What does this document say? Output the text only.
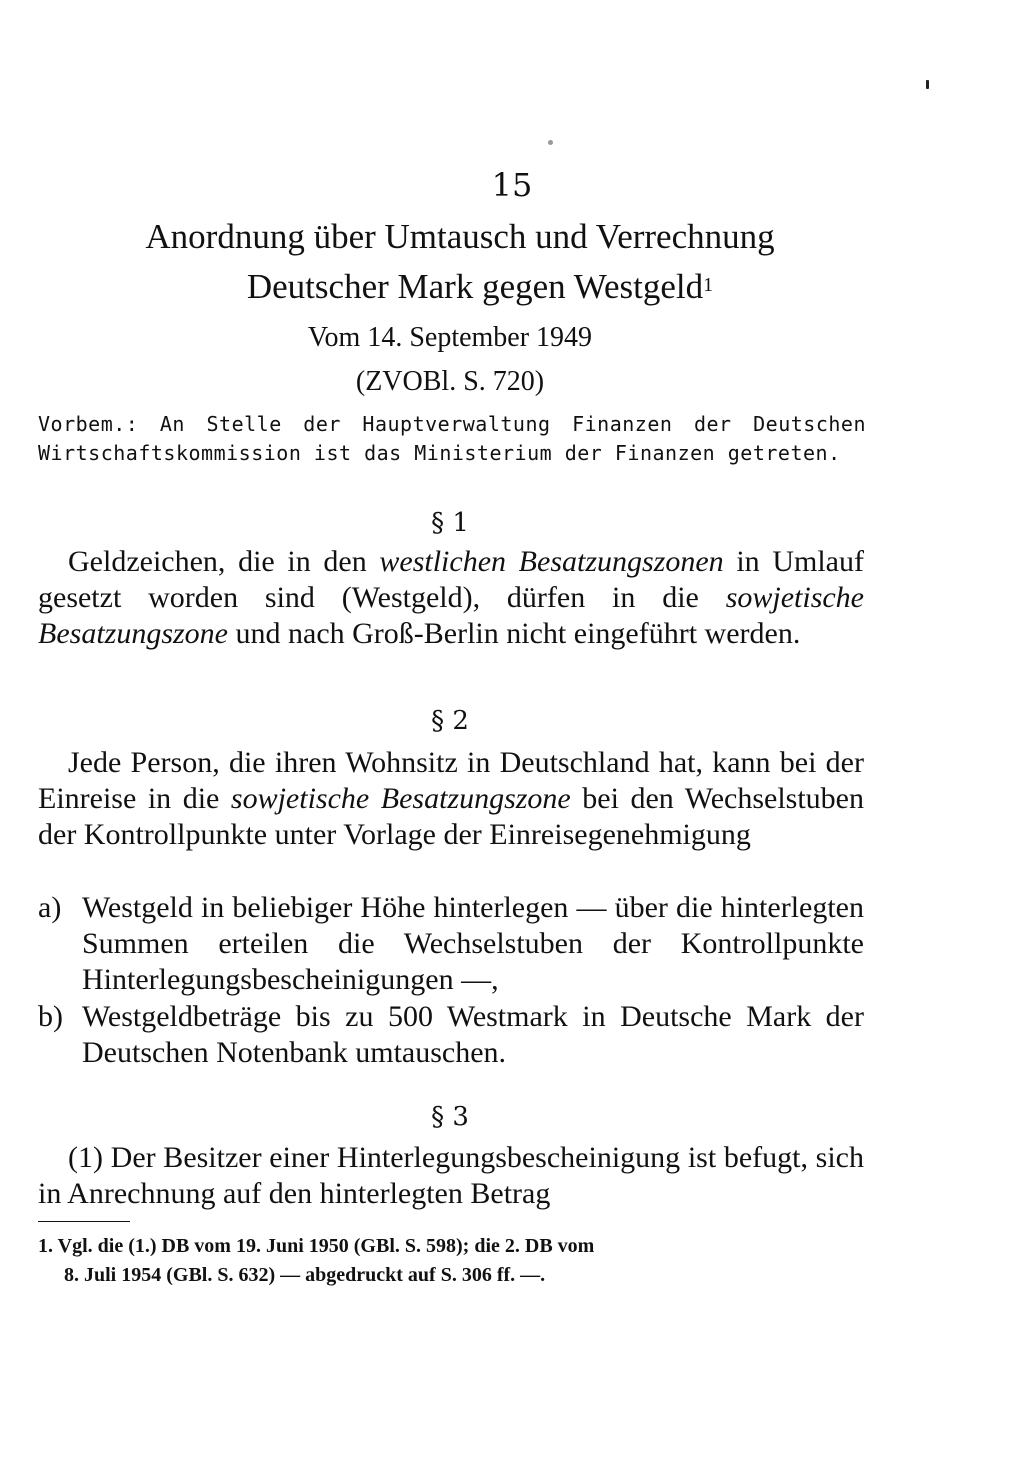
15
Anordnung über Umtausch und Verrechnung
Deutscher Mark gegen Westgeld$^1$
Vom 14. September 1949
(ZVOBl. S. 720)
Vorbem.: An Stelle der Hauptverwaltung Finanzen der Deutschen Wirtschaftskommission ist das Ministerium der Finanzen getreten.
§ 1
Geldzeichen, die in den westlichen Besatzungszonen in Umlauf gesetzt worden sind (Westgeld), dürfen in die sowjetische Besatzungszone und nach Groß-Berlin nicht eingeführt werden.
§ 2
Jede Person, die ihren Wohnsitz in Deutschland hat, kann bei der Einreise in die sowjetische Besatzungszone bei den Wechselstuben der Kontrollpunkte unter Vorlage der Einreisegenehmigung
a) Westgeld in beliebiger Höhe hinterlegen — über die hinterlegten Summen erteilen die Wechselstuben der Kontrollpunkte Hinterlegungsbescheinigungen —,
b) Westgeldbeträge bis zu 500 Westmark in Deutsche Mark der Deutschen Notenbank umtauschen.
§ 3
(1) Der Besitzer einer Hinterlegungsbescheinigung ist befugt, sich in Anrechnung auf den hinterlegten Betrag
1. Vgl. die (1.) DB vom 19. Juni 1950 (GBl. S. 598); die 2. DB vom
8. Juli 1954 (GBl. S. 632) — abgedruckt auf S. 306 ff. —.
